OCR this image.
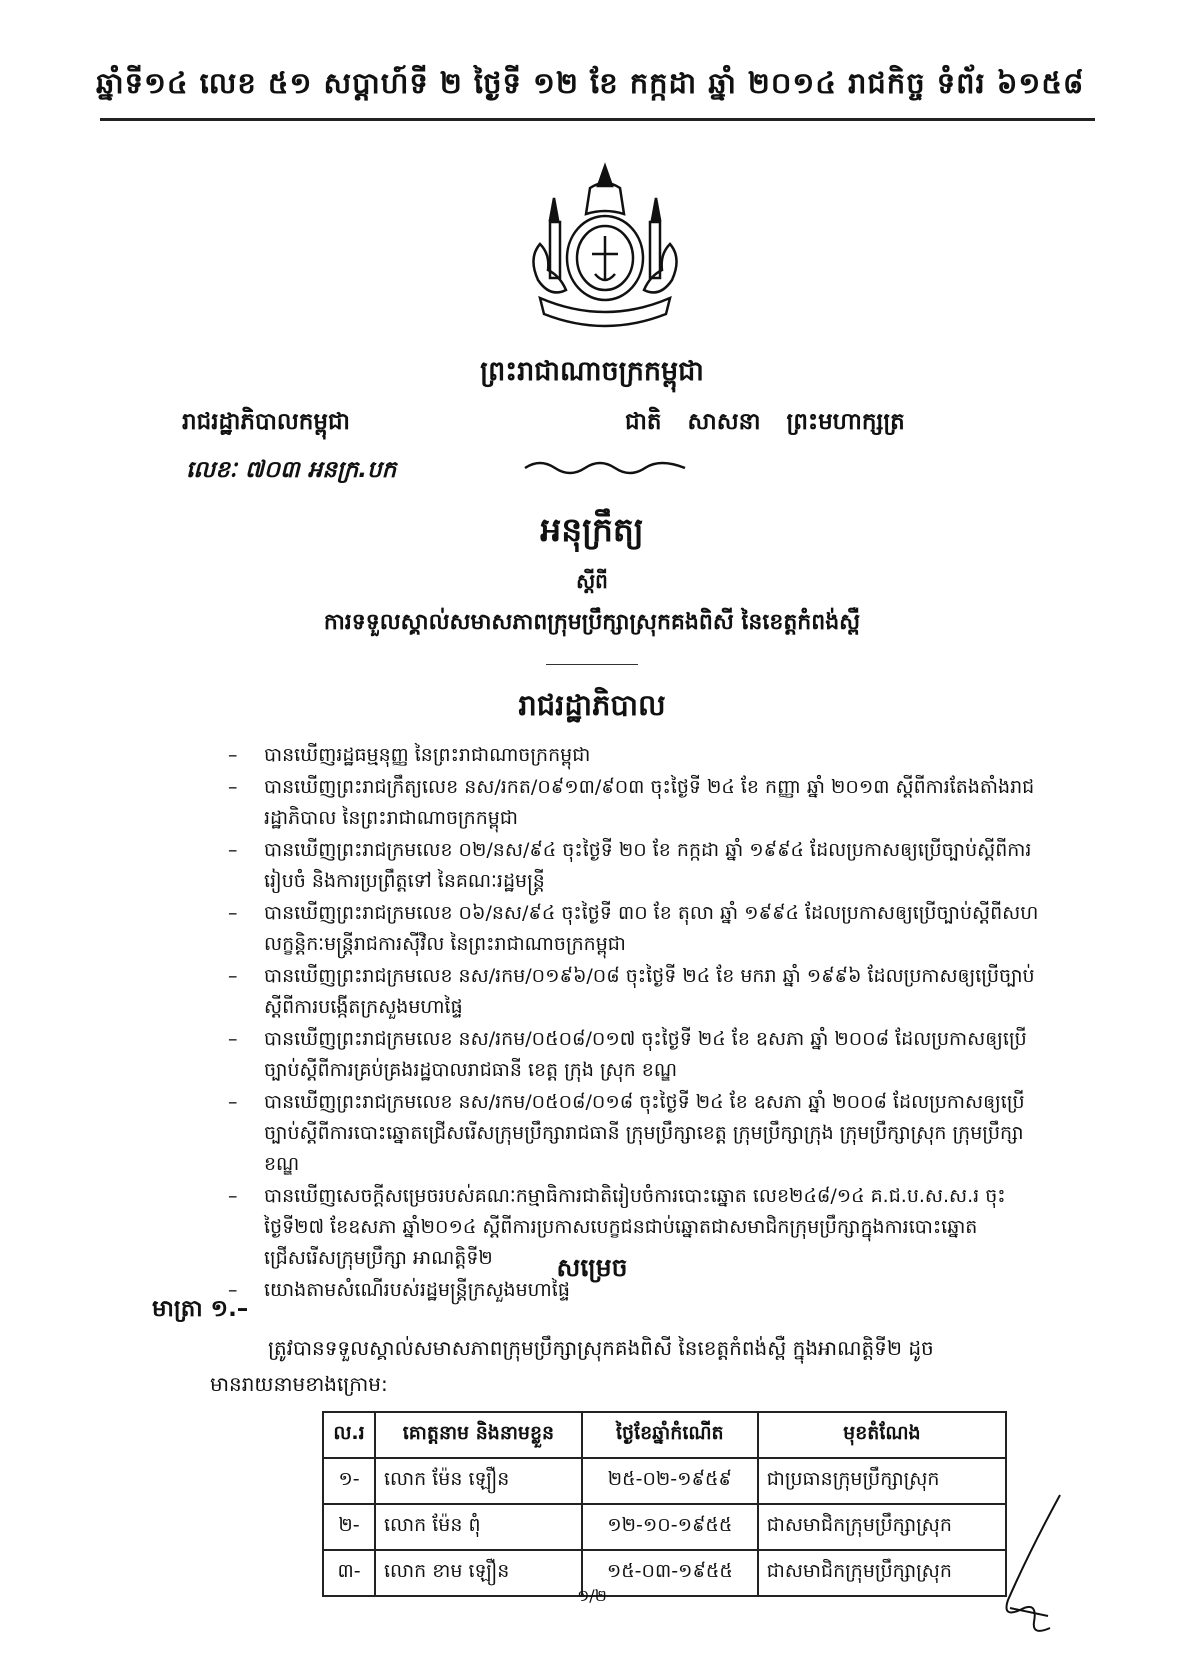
ឆ្នាំទី១៤ លេខ ៥១ សប្តាហ៍ទី ២ ថ្ងៃទី ១២ ខែ កក្កដា ឆ្នាំ ២០១៤ រាជកិច្ច ទំព័រ ៦១៥៨
ព្រះរាជាណាចក្រកម្ពុជា
រាជរដ្ឋាភិបាលកម្ពុជា	ជាតិ សាសនា ព្រះមហាក្សត្រ
លេខៈ ៧០៣ អនក្រ.បក
អនុក្រឹត្យ
ស្តីពី
ការទទួលស្គាល់សមាសភាពក្រុមប្រឹក្សាស្រុកគងពិសី នៃខេត្តកំពង់ស្ពឺ
រាជរដ្ឋាភិបាល
– បានឃើញរដ្ឋធម្មនុញ្ញ នៃព្រះរាជាណាចក្រកម្ពុជា
– បានឃើញព្រះរាជក្រឹត្យលេខ នស/រកត/០៩១៣/៩០៣ ចុះថ្ងៃទី ២៤ ខែ កញ្ញា ឆ្នាំ ២០១៣ ស្តីពីការតែងតាំងរាជរដ្ឋាភិបាល នៃព្រះរាជាណាចក្រកម្ពុជា
– បានឃើញព្រះរាជក្រមលេខ ០២/នស/៩៤ ចុះថ្ងៃទី ២០ ខែ កក្កដា ឆ្នាំ ១៩៩៤ ដែលប្រកាសឲ្យប្រើច្បាប់ស្តីពីការរៀបចំ និងការប្រព្រឹត្តទៅ នៃគណៈរដ្ឋមន្ត្រី
– បានឃើញព្រះរាជក្រមលេខ ០៦/នស/៩៤ ចុះថ្ងៃទី ៣០ ខែ តុលា ឆ្នាំ ១៩៩៤ ដែលប្រកាសឲ្យប្រើច្បាប់ស្តីពីសហលក្ខន្តិកៈមន្ត្រីរាជការស៊ីវិល នៃព្រះរាជាណាចក្រកម្ពុជា
– បានឃើញព្រះរាជក្រមលេខ នស/រកម/០១៩៦/០៨ ចុះថ្ងៃទី ២៤ ខែ មករា ឆ្នាំ ១៩៩៦ ដែលប្រកាសឲ្យប្រើច្បាប់ស្តីពីការបង្កើតក្រសួងមហាផ្ទៃ
– បានឃើញព្រះរាជក្រមលេខ នស/រកម/០៥០៨/០១៧ ចុះថ្ងៃទី ២៤ ខែ ឧសភា ឆ្នាំ ២០០៨ ដែលប្រកាសឲ្យប្រើច្បាប់ស្តីពីការគ្រប់គ្រងរដ្ឋបាលរាជធានី ខេត្ត ក្រុង ស្រុក ខណ្ឌ
– បានឃើញព្រះរាជក្រមលេខ នស/រកម/០៥០៨/០១៨ ចុះថ្ងៃទី ២៤ ខែ ឧសភា ឆ្នាំ ២០០៨ ដែលប្រកាសឲ្យប្រើច្បាប់ស្តីពីការបោះឆ្នោតជ្រើសរើសក្រុមប្រឹក្សារាជធានី ក្រុមប្រឹក្សាខេត្ត ក្រុមប្រឹក្សាក្រុង ក្រុមប្រឹក្សាស្រុក ក្រុមប្រឹក្សាខណ្ឌ
– បានឃើញសេចក្តីសម្រេចរបស់គណៈកម្មាធិការជាតិរៀបចំការបោះឆ្នោត លេខ២៤៨/១៤ គ.ជ.ប.ស.ស.រ ចុះថ្ងៃទី២៧ ខែឧសភា ឆ្នាំ២០១៤ ស្តីពីការប្រកាសបេក្ខជនជាប់ឆ្នោតជាសមាជិកក្រុមប្រឹក្សាក្នុងការបោះឆ្នោតជ្រើសរើសក្រុមប្រឹក្សា អាណត្តិទី២
– យោងតាមសំណើរបស់រដ្ឋមន្ត្រីក្រសួងមហាផ្ទៃ
សម្រេច
មាត្រា ១.–
ត្រូវបានទទួលស្គាល់សមាសភាពក្រុមប្រឹក្សាស្រុកគងពិសី នៃខេត្តកំពង់ស្ពឺ ក្នុងអាណត្តិទី២ ដូច
មានរាយនាមខាងក្រោម:
ល.រ	គោត្តនាម និងនាមខ្លួន	ថ្ងៃខែឆ្នាំកំណើត	មុខតំណែង
១-	លោក ម៉ែន ឡឿន	២៥-០២-១៩៥៩	ជាប្រធានក្រុមប្រឹក្សាស្រុក
២-	លោក ម៉ែន ពុំ	១២-១០-១៩៥៥	ជាសមាជិកក្រុមប្រឹក្សាស្រុក
៣-	លោក ខាម ឡឿន	១៥-០៣-១៩៥៥	ជាសមាជិកក្រុមប្រឹក្សាស្រុក
១/២
